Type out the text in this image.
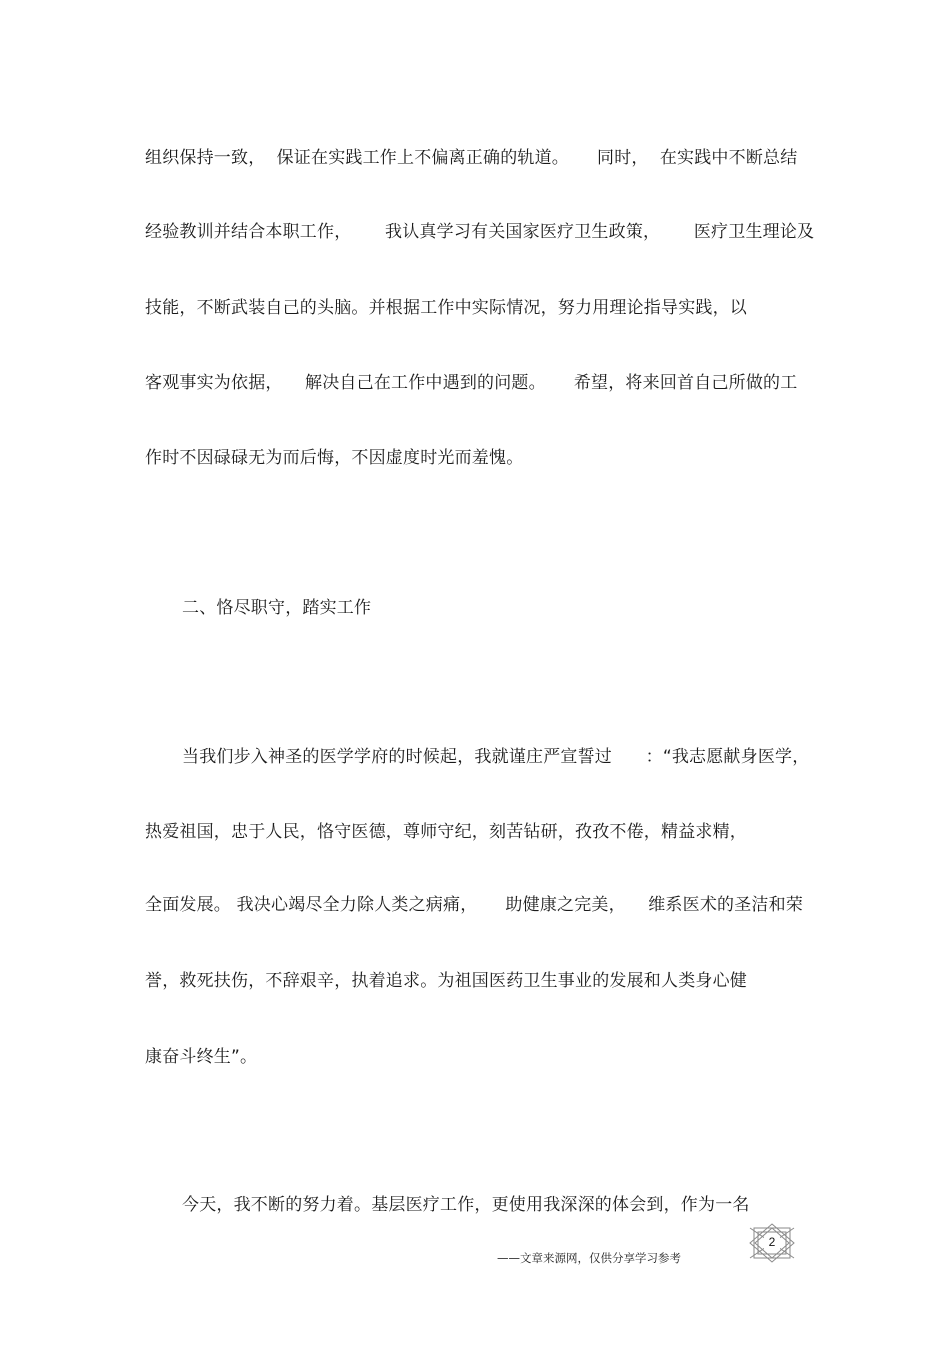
组织保持一致，  保证在实践工作上不偏离正确的轨道。     同时，  在实践中不断总结
经验教训并结合本职工作，      我认真学习有关国家医疗卫生政策，      医疗卫生理论及
技能，不断武装自己的头脑。并根据工作中实际情况，努力用理论指导实践，以
客观事实为依据，    解决自己在工作中遇到的问题。     希望，将来回首自己所做的工
作时不因碌碌无为而后悔，不因虚度时光而羞愧。
二、恪尽职守，踏实工作
当我们步入神圣的医学学府的时候起，我就谨庄严宣誓过      ：“我志愿献身医学，
热爱祖国，忠于人民，恪守医德，尊师守纪，刻苦钻研，孜孜不倦，精益求精，
全面发展。 我决心竭尽全力除人类之病痛，     助健康之完美，    维系医术的圣洁和荣
誉，救死扶伤，不辞艰辛，执着追求。为祖国医药卫生事业的发展和人类身心健
康奋斗终生”。
今天，我不断的努力着。基层医疗工作，更使用我深深的体会到，作为一名
2
——文章来源网，仅供分享学习参考
